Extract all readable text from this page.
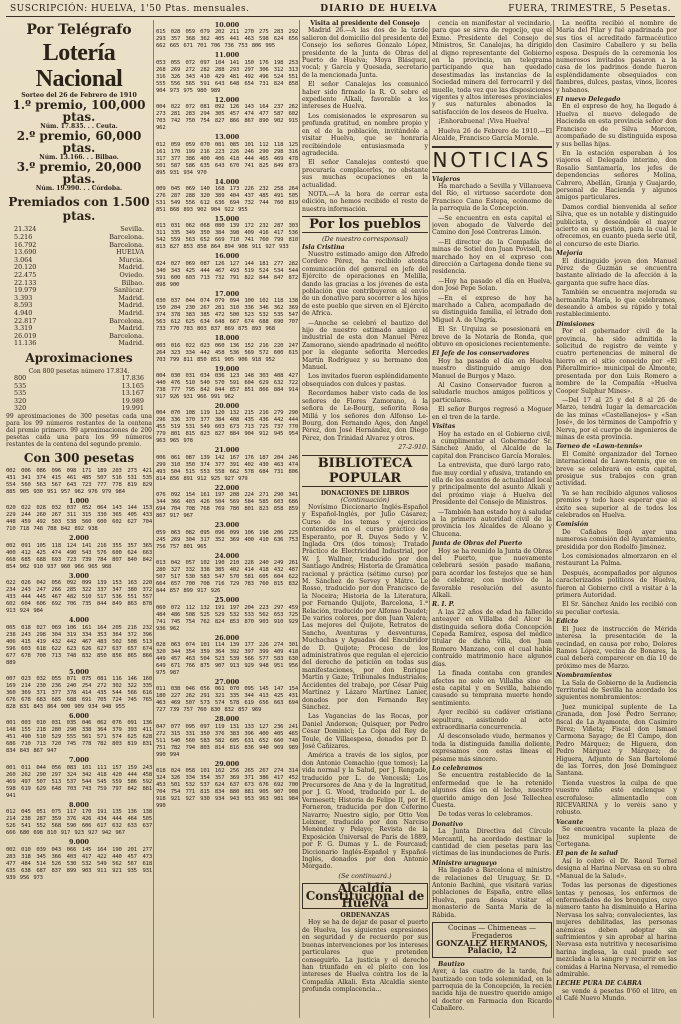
SUSCRIPCIÓN: HUELVA, 1'50 Ptas. mensuales.	DIARIO DE HUELVA	FUERA, TRIMESTRE, 5 Pesetas.
Por Telégrafo
Lotería Nacional
Sorteo del 26 de Febrero de 1910
1.º premio, 100,000 ptas.
Núm. 17.835. . . Ceuta.
2.º premio, 60,000 ptas.
Núm. 13.166. . . Bilbao.
3.º premio, 20,000 ptas.
Núm. 19.990. . . Córdoba.
Premiados con 1.500 ptas.
21.324	Sevilla.
5.216	Barcelona.
16.792	Barcelona.
13.690	HUELVA
3.064	Murcia.
20.120	Madrid.
22.475	Oviedo.
22.133	Bilbao.
19.979	Sanlúcar.
3.393	Madrid.
8.593	Madrid.
4.940	Madrid.
22.817	Barcelona.
3.319	Madrid.
26.019	Barcelona.
11.136	Madrid.
Aproximaciones
Con 800 pesetas número 17.834.
800	17.836
535	13.165
535	13.167
320	19.989
320	19.991
99 aproximaciones de 300 pesetas cada una para los 99 números restantes de la centena del premio primero. 99 aproximaciones de 200 pesetas cada una para los 99 números restantes de la centena del segundo premio.
Con 300 pesetas
002 006 086 096 098 171 189 203 273 421 431 341 374 415 461 485 507 516 531 535 554 560 563 567 643 723 777 778 819 829 885 905 930 951 957 962 976 979 984
1.000
020 022 028 032 037 052 064 143 144 153 229 244 260 267 311 315 330 365 405 433 448 459 492 503 538 560 600 602 627 704 710 718 748 788 842 892 938
2.000
002 091 105 118 124 141 216 355 357 365 400 412 425 474 490 543 576 600 624 663 668 685 688 693 723 739 784 807 840 842 854 902 910 937 960 966 965 968
3.000
022 026 042 056 092 099 139 153 163 220 234 243 247 266 285 322 337 347 380 372 433 444 445 467 482 510 517 536 551 557 602 604 606 692 706 735 844 849 863 878 913 924 984
4.000
005 018 027 069 106 161 164 205 216 232 238 243 298 304 319 334 353 364 372 396 406 415 419 432 442 467 483 502 508 513 596 603 618 622 623 626 627 637 657 674 677 678 700 713 748 832 850 856 865 866 889
5.000
007 023 032 055 071 075 081 116 146 160 169 214 230 236 240 254 272 302 322 335 360 369 371 377 378 414 435 544 566 616 676 678 683 685 688 691 705 724 745 765 828 831 843 864 900 909 934 948 955
6.000
001 003 010 031 035 046 062 076 091 136 148 155 218 280 290 338 364 379 393 411 451 490 510 529 555 561 571 574 625 628 686 710 713 720 745 778 782 803 819 831 834 843 867 947
7.000
001 011 044 056 083 101 111 157 159 243 260 262 290 297 324 342 418 420 444 458 469 497 507 513 537 544 545 559 586 592 598 619 629 648 703 743 759 797 842 881 941
8.000
012 045 051 075 117 170 191 135 136 138 214 238 287 359 376 426 434 444 464 505 526 541 552 568 590 606 617 632 633 637 666 680 698 810 917 923 927 942 967
9.000
002 010 039 043 066 145 164 190 201 277 283 318 345 366 403 417 422 440 457 473 477 484 514 526 530 532 549 562 567 618 635 638 687 837 899 903 911 921 935 931 939 956 973
10.000
015 028 059 079 202 211 270 275 283 292 293 357 368 362 405 441 463 598 624 656 662 665 671 701 706 736 753 806 995
11.000
053 055 072 097 104 141 150 176 198 253 268 269 272 282 288 293 297 306 312 313 316 326 343 410 429 481 492 496 524 551 555 556 565 591 643 648 654 731 824 858 904 973 975 980 989
12.000
004 022 072 081 092 126 143 164 237 262 273 281 283 294 305 457 474 477 587 602 703 742 750 754 827 866 867 890 902 915 962
13.000
012 059 059 070 081 085 101 112 118 125 161 170 199 216 223 226 246 290 298 316 317 377 386 400 406 418 444 465 469 478 501 587 586 635 643 670 741 825 849 873 895 931 934 970
14.000
009 045 069 140 168 173 226 232 258 264 276 287 288 320 389 404 437 485 491 505 531 549 556 612 636 694 732 744 760 819 851 868 893 902 904 922 955
15.000
013 031 062 068 080 139 172 232 287 303 311 335 349 350 384 398 409 416 417 536 542 559 563 652 669 710 741 760 799 810 813 827 853 858 864 894 908 911 927 933
16.000
024 027 069 087 126 127 144 181 277 282 340 343 425 444 467 493 519 524 534 544 591 600 603 713 732 791 822 844 847 872 898 900
17.000
030 037 044 074 079 094 100 102 118 138 150 204 230 267 281 310 336 346 362 369 374 378 383 385 472 500 523 532 535 547 563 612 625 634 648 667 674 688 690 707 733 770 783 803 837 869 875 893 968
18.000
003 016 022 023 060 136 152 216 220 247 264 323 334 442 458 536 569 572 600 615 703 799 811 850 851 905 906 918 952
19.000
004 030 031 034 036 123 148 303 408 427 440 476 510 540 570 591 604 629 632 722 738 777 795 842 844 857 851 866 884 914 917 926 931 966 991 962
20.000
004 070 108 119 120 132 215 216 279 290 296 336 370 377 384 408 435 436 442 444 455 519 531 549 603 673 713 725 737 770 779 801 815 823 827 884 904 912 945 954 963 965 978
21.000
006 061 087 139 142 167 176 187 204 246 299 310 350 374 377 391 402 430 463 474 493 504 515 553 558 662 578 684 731 806 814 856 891 912 925 927 979
22.000
076 092 154 161 197 208 224 271 290 341 344 366 403 426 504 569 584 585 603 686 694 704 708 768 769 780 801 823 858 859 867 917 967
23.000
059 063 082 095 096 099 106 198 206 225 245 269 304 317 352 369 400 410 636 753 756 757 801 965
24.000
013 042 057 102 190 210 226 240 249 261 280 327 332 338 385 402 414 418 432 487 507 517 530 583 547 570 581 605 604 622 664 657 700 708 716 729 783 760 815 832 844 857 899 917 926
25.000
060 072 112 132 191 197 204 223 297 459 484 486 508 525 529 532 533 562 653 725 741 745 754 762 824 853 870 903 910 929 936 962
26.000
028 063 074 101 114 139 177 226 274 301 320 344 354 359 364 392 397 399 409 418 449 457 463 504 523 539 566 577 583 630 649 671 766 875 907 913 929 948 951 956 975 987
27.000
011 038 046 056 061 070 095 145 147 154 180 227 262 291 321 335 344 413 425 431 463 469 507 573 574 578 619 656 663 694 727 739 757 760 830 832 857 969
28.000
047 077 095 097 119 131 133 127 236 241 272 315 331 350 376 383 396 400 405 465 511 540 560 583 582 605 631 652 660 740 751 782 794 803 814 816 836 940 969 989 990 994
29.000
018 024 058 101 162 256 265 267 274 314 324 326 334 354 357 369 371 386 417 452 453 501 532 537 624 637 673 676 692 700 704 754 771 815 834 880 881 905 907 908 918 921 927 930 934 943 953 963 981 984 990
Visita al presidente del Consejo

Madrid 26.—A las dos de la tarde salieron del domicilio del presidente del Consejo los señores Gonzalo López, presidente de la Junta de Obras del Puerto de Huelva; Moya Blásquez, vocal; y García y Quesada, secretario de la mencionada Junta.

El señor Canalejas les comunicó haber sido firmado la R. O. sobre el expediente Alkali, favorable a los intereses de Huelva.

Los comisionados le expresaron su profunda gratitud, en nombre propio y en el de la población, invitándole a visitar Huelva, que se honraría recibiéndole entusiasmada y agradecida.

El señor Canalejas contestó que procuraría complacerles, no obstante sus muchas ocupaciones en la actualidad.

NOTA.—A la hora de cerrar esta edición, no hemos recibido el resto de nuestra información.

Por los pueblos
(De nuestro corresponsal)
Isla Cristina

Nuestro estimado amigo don Alfredo Cordero Pérez, ha recibido atenta comunicación del general en jefe del Ejército de operaciones en Melilla, dando las gracias a los jóvenes de esta población que contribuyeron al envío de un donativo para socorrer a los hijos de este pueblo que sirven en el Ejército de Africa.

—Anoche se celebró el bautizo del hijo de nuestro estimado amigo el industrial de esta don Manuel Pérez Zamorano, siendo apadrinado el neófito por la elegante señorita Mercedes Martín Rodríguez y su hermano don Manuel.

Los invitados fueron espléndidamente obsequiados con dulces y pastas.

Recordamos haber visto cada de los señores de Flores Zamorano, á la señora de Le-Bourg, señorita Rosa Millá y los señores don Alfonso Le-Bourg, don Fernando Ages, don Angel Pérez, don José Hernández, don Diego Pérez, don Trinidad Alvarez y otros.

27-2-910.
BIBLIOTECA POPULAR
DONACIONES DE LIBROS
(Continuación)

Novísimo Diccionario Inglés-Español y Español-Inglés, por Julio Cásarez; Curso de los temas y ejercicios contenidos en el curso práctico de Esperanto, por R. Duyos Sedo y V. Inglada Ors (dos tomos); Tratado Práctico de Electricidad Industrial, por W. J. Wallner, traducido por don Santiago Andrés; Historia de Gramática racional y práctica (sétimo curso) por M. Sánchez de Servey y Mátre. Le Rosso, traducido por don Francisco de la Noceira; Historia de la Literatura, por Fernando Quijote, Barcelona, 1.ª Relación, traducido por Alfonso Daudet; De varios colores, por don Juan Valera; Las mejores del Quijote, Retratos de Sancho, Aventuras y desventuras, Muchachas y Aguadas del Encubridor de D. Quijote; Proceso de los administrativos que regulan el ejercicio del derecho de petición en todas sus manifestaciones, por don Enrique Martín y Gaze; Tribunales Industriales; Accidentes del trabajo, por César Puig Martínez y Lázaro Martínez Lanier, donados por don Fernando Rey Sánchez.

Las Vagancias de las Rocas, por Daniel Anderson; Quisquer, por Pedro César Dominici; La Copa del Rey de Toule, de Villaespesa, donados por D. José Cañizares.

América a través de los siglos, por don Antonio Cemachio (que tomos); La vida normal y la Salud, por J. Rengade, traducido por L. de Venceslá; Los Precursores de Ana y de la Ingratitud, por J. G. Wood, traducido por L. de Vermesett; Historia de Felipe II, por H. Forneron, traducida por don Ceferino Navarro; Nuestro siglo, por Otto Von Leixner, traducido por don Narciso Menéndez y Pelayo; Revista de la Exposición Universal de París de 1889, por F. G. Dumas y L. de Fourcaud; Diccionario Inglés-Español y Español-Inglés, donados por don Antonio Morgado.

(Se continuará.)
Alcaldía Constitucional de Huelva
ORDENANZAS

Hoy se ha de dejar de pasar el puerto de Huelva, los siguientes expresiones en seguridad y de recuerdo por sus buenas intervenciones por los intereses particulares que pretenden conseguirlo. La justicia y el derecho han triunfado en el pleito con los intereses de Huelva contra los de la Compañía Alkali. Esta Alcaldía siente profunda complacencia...

cencia en manifestar al vecindario, para que se sirva de regocijo, que el Exmo. Presidente del Consejo de Ministros, Sr. Canalejas, ha dirigido al digno representante del Gobierno en la provincia, un telegrama participando que han quedado desestimadas las instancias de la Sociedad minera del ferrocarril y del muelle, toda vez que las disposiciones vigentes y altos intereses provinciales y sus naturales abonados la satisfacción de los deseos de Huelva.

¡Enhorabuena! ¡Viva Huelva!

Huelva 26 de Febrero de 1910.—El Alcalde, Francisco García Morale.

NOTICIAS
Viajeros

Ha marchado a Sevilla y Villanueva del Río, el virtuoso sacerdote don Francisco Cano Estepa, ecónomo de la parroquia de la Concepción.

—Se encuentra en esta capital el joven abogado de Valverde del Camino don José Contreras Limón.

—El director de la Compañía de minas de Sotiel don Juan Povisell, ha marchado hoy en el expreso con dirección a Cartagena donde tiene su residencia.

—Hoy ha pasado el día en Huelva, don José Pepe Solan.

—En el expreso de hoy ha marchado a Cabra, acompañado de su distinguida familia, el letrado don Miguel A. de Ungría.

El Sr. Urquiza se posesionará en breve de la Notaría de Ronda, que obtuvo en oposiciones recientemente.

El Jefe de los conservadores

Hoy ha pasado el día en Huelva nuestro distinguido amigo don Manuel de Burgos y Mazo.

Al Casino Conservador fueron a saludarle muchos amigos políticos y particulares.

El señor Burgos regresó a Moguer en el tren de la tarde.

Visitas

Hoy ha estado en el Gobierno civil, a cumplimentar al Gobernador Sr. Sánchez Anido, el Alcalde de la capital don Francisco García Morales.

La entrevista, que duró largo rato, fue muy cordial y efusiva, tratando en ella de los asuntos de actualidad local y principalmente del asunto Alkali y del próximo viaje á Huelva del Presidente del Consejo de Ministros.

—También han estado hoy á saludar a la primera autoridad civil de la provincia los Alcaldes de Aloano y Chucena.

Junta de Obras del Puerto

Hoy se ha reunido la Junta de Obras del Puerto, que nuevamente celebrará sesión pasado mañana, para acordar los festejos que se han de celebrar, con motivo de la favorable resolución del asunto Alkali.

R. I. P.

A las 22 años de edad ha fallecido anteayer en Villalba del Alcor la distinguida señora doña Concepción Cepeda Ramírez, esposa del médico titular de dicha villa, don Juan Romero Manzano, con el cual había contraído matrimonio hace algunos días.

La finada contaba con grandes afectos no solo en Villalba sino en esta capital y en Sevilla, habiendo causado su temprana muerte hondo sentimiento.

Ayer recibió su cadáver cristiana sepultura, asistiendo al acto extraordinaria concurrencia.

Al desconsolado viudo, hermanos y toda la distinguida familia doliente, expresamos con estas líneas el pésame más sincero.

Lo celebramos

Se encuentra restablecido de la enfermedad que le ha retenido algunos días en el lecho, nuestro querido amigo don José Tellechea Cuesta.

De todas veras lo celebramos.

Donativo

La Junta Directiva del Círculo Mercantil, ha acordado destinar la cantidad de cien pesetas para las víctimas de las inundaciones de París.

Ministro uruguayo

Ha llegado a Barcelona el ministro de relaciones del Uruguay, Sr. D. Antonio Bachini, que visitará varias poblaciones de España, entre ellas Huelva, para desea visitar el monasterio de Santa María de la Rábida.

Cocinas — Chimeneas — Fregaderos
GONZALEZ HERMANOS, Palacio, 12

Bautizo
Ayer, á las cuatro de la tarde, fué bautizado con toda solemnidad, en la parroquia de la Concepción, la recién nacida hija de nuestro querido amigo el doctor en Farmacia don Ricardo Caballero.

La neófita recibió el nombre de María del Pilar y fué apadrinada por sus tíos el acreditado farmacéutico don Casimiro Caballero y su bella esposa. Después de la ceremonia los numerosos invitados pasaron a la casa de los padrinos donde fueron espléndidamente obsequiados con fiambres, dulces, pastas, vinos, licores y habanos.

El nuevo Delegado

En el expreso de hoy, ha llegado á Huelva el nuevo delegado de Hacienda en esta provincia señor don Francisco de Silva Morcon, acompañado de su distinguida esposa y sus bellas hijas.

En la estación esperaban á los viajeros el Delegado interino, don Rosalío Santamaría, los jefes de dependencias señores Molina, Cabrero, Abellán, Granja y Guajardo, personal de Hacienda y algunos amigos particulares.

Damos cordial bienvenida al señor Silva, que es un notable y distinguido publicista, y deseándole el mayor acierto en su gestión, para la cual le ofrecemos, en cuanto pueda serle útil, el concurso de este Diario.

Mejoría

El distinguido joven don Manuel Pérez de Guzmán se encuentra bastante aliviado de la afección á la garganta que sufre hace días.

También se encuentra mejorada su hermanita María, lo que celebramos, deseando á ambos su rápido y total restablecimiento.

Dimisiones

Por el gobernador civil de la provincia, ha sido admitida la solicitud de registro de veinte y cuatro pertenencias de mineral de hierro en el sitio conocido por «El Piñerallmirio» municipal de Almonte, presentada por don Luis Romero a nombre de la Compañía «Huelva Cooper Sulphur Mines».

—Del 17 al 25 y del 8 al 26 de Marzo, tendrá lugar la demarcación de las minas «Castellanejos» y «San José», de los términos de Campofrío y Nerva, por el cuerpo de ingenieros de minas de esta provincia.

Torneo de «Lawn-tennis»

El Comité organizador del Torneo internacional de Lawn-tennis, que en breve se celebrará en esta capital, prosigue sus trabajos con gran actividad.

Ya se han recibido algunos valiosos premios y todo hace esperar que el éxito sea superior al de todos los celebrados en Huelva.

Comisión

De Cañabes llegó ayer una numerosa comisión del Ayuntamiento, presidida por don Rodolfo Jiménez.

Los comisionados almorzaron en el restaurant La Palma.

Después, acompañados por algunos caracterizados políticos de Huelva, fueron al Gobierno civil a visitar á la primera Autoridad.

El Sr. Sánchez Anido les recibió con su peculiar cortesía.

Edicto

El Juez de instrucción de Mérida interesa la presentación de la vecindad, en causa por robo, Dolores Ramos López, vecina de Bonares, la cual deberá comparecer en día 10 de próximo mes de Marzo.

Nombramientos

La Sala de Gobierno de la Audiencia Territorial de Sevilla ha acordado los siguientes nombramientos:

Juez municipal suplente de La Granada, don José Pedro Serrano; fiscal de La Ayamonte, don Casimiro Pérez; Viñeta; Fiscal don Ismael Carmona Sayago; de El Campo, don Pedro Márquez; de Higuera, don Pedro Márquez y Márquez; de Higuera, Adjunto de San Bartolomé de las Torres, don José Domínguez Santana.

Tienda vuestros la culpa de que vuestro niño esté enclenque y escrofuloso: alimentadlo con RICEVARINA y lo veréis sano y robusto.

Vacante

Se encuentra vacante la plaza de Juez municipal suplente de Cortegana.

El pan de la salud

Así lo cobró el Dr. Raoul Tornel designa al Harina Nervasa en su obra «Manual de la Salud».

Todas las personas de digestiones lentas y penosas, los enfermos de enfermedades de los bronquios, cuyo número tanto ha disminuido a Harina Nervasa los salva; convalecientes, las mujeres debilitadas, las personas anémicas deben adoptar sin sufrimientos y sin aprobar al harina Nervasa esta nutritiva y necesarísima harina inglesa, la cuál puede ser mezclada a la sangre y recurrir en las comidas á Harina Nervasa, el remedio admirable.

LECHE PURA DE CABRA

se vende á pesetas 0'60 el litro, en el Café Nuevo Mundo.
